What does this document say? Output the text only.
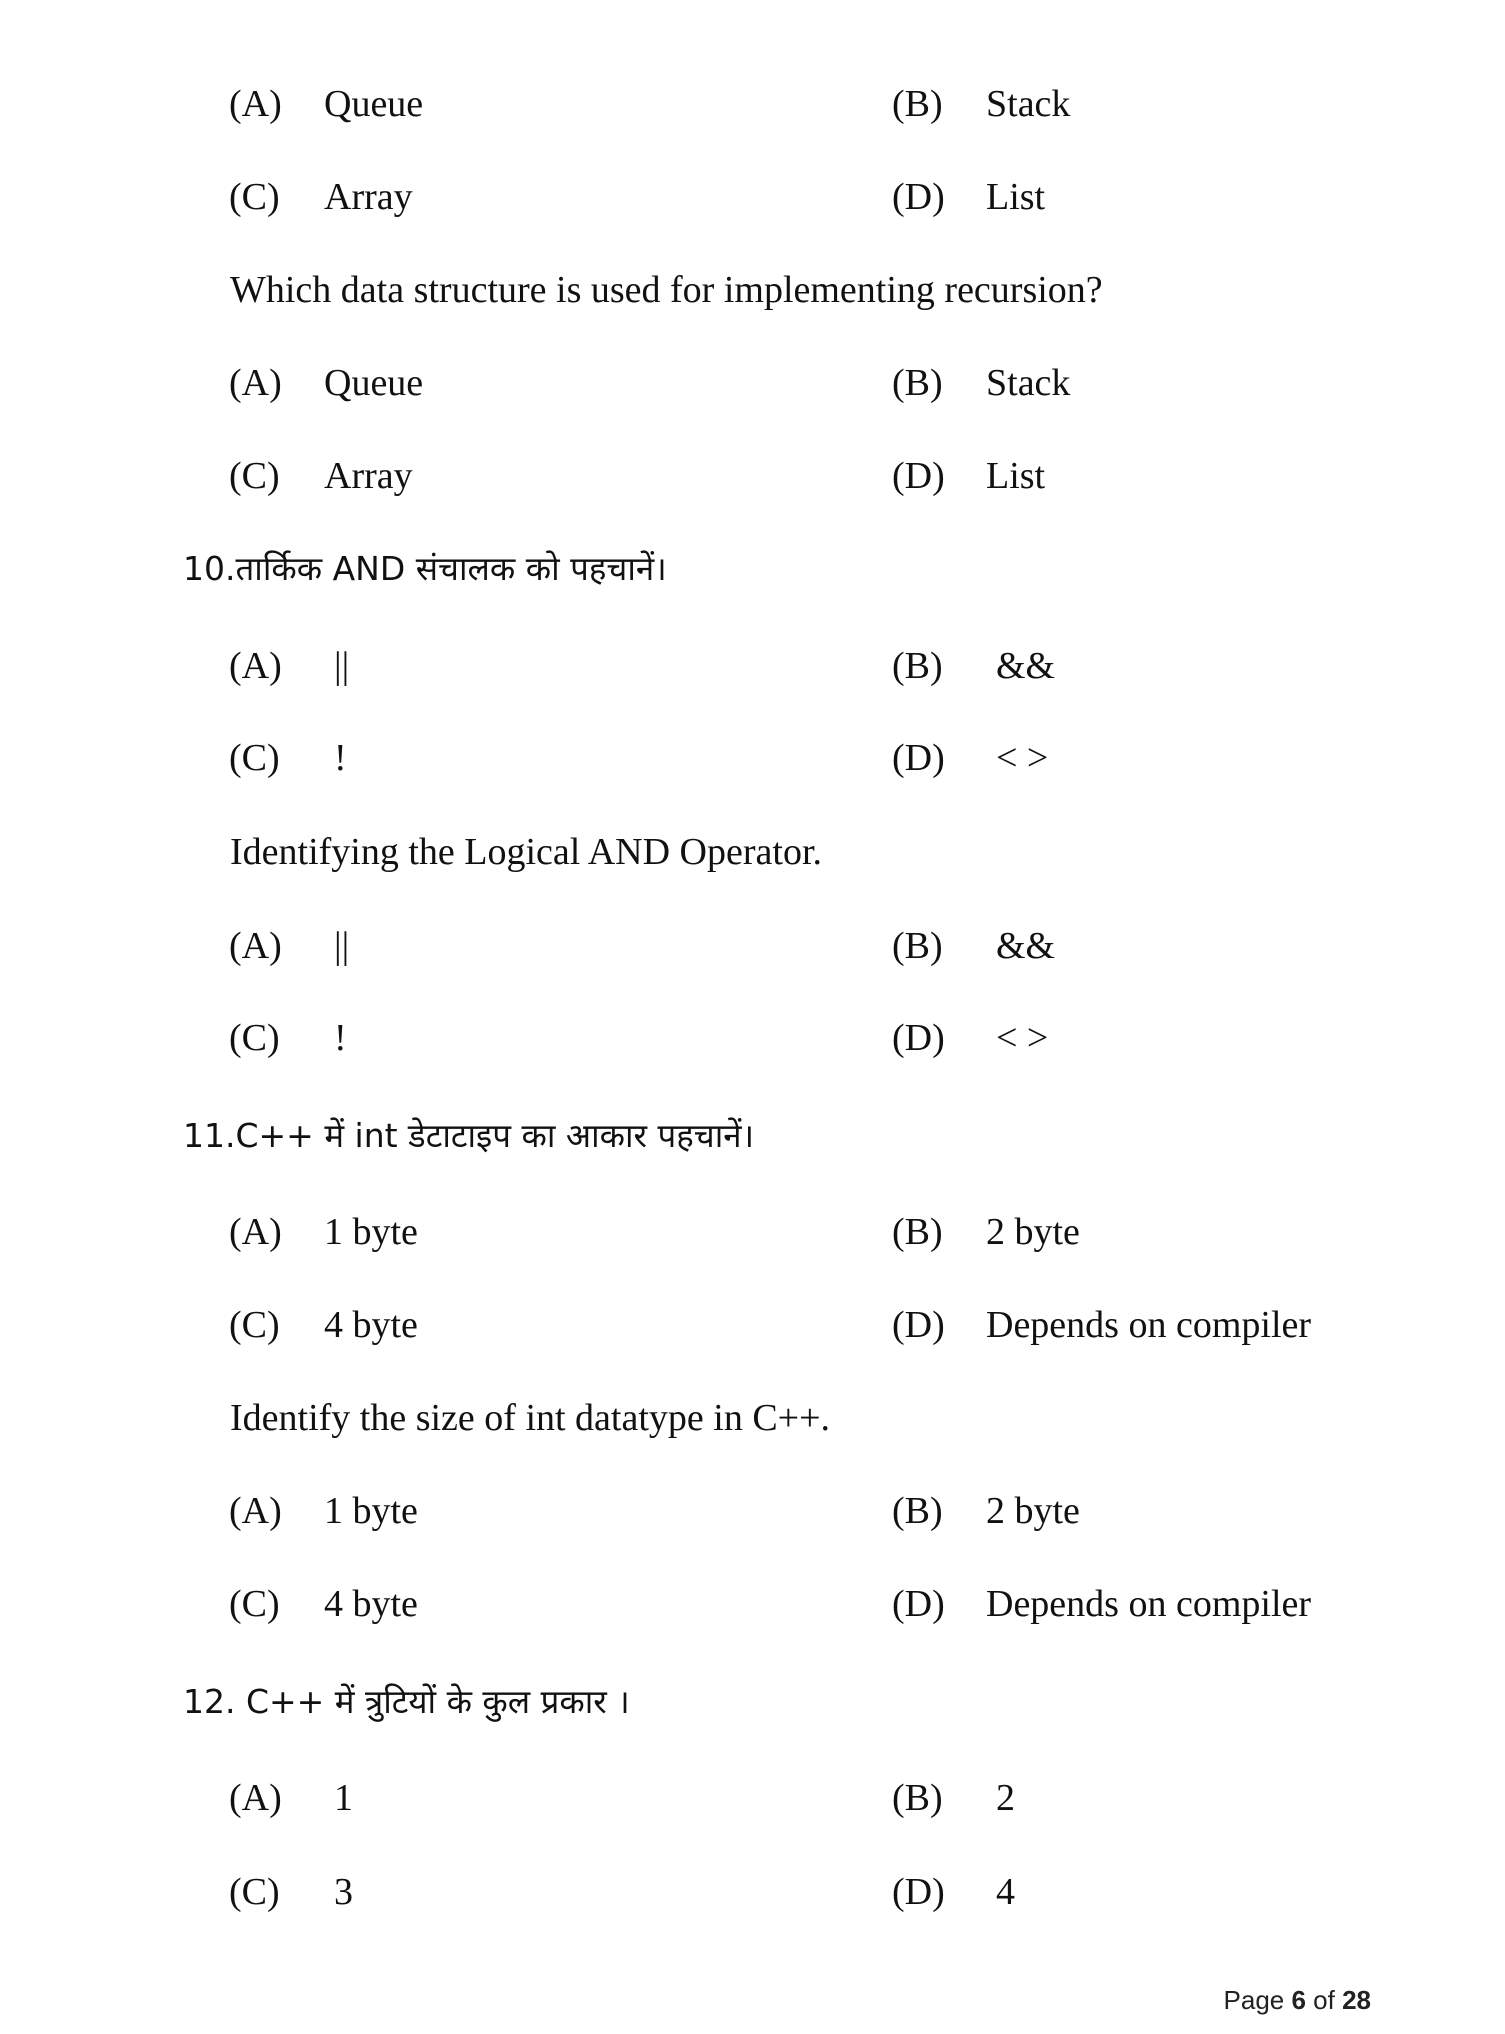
(A) Queue	(B) Stack
(C) Array	(D) List
Which data structure is used for implementing recursion?
(A) Queue	(B) Stack
(C) Array	(D) List
10.तार्किक AND संचालक को पहचानें।
(A) ||	(B) &&
(C) !	(D) < >
Identifying the Logical AND Operator.
(A) ||	(B) &&
(C) !	(D) < >
11.C++ में int डेटाटाइप का आकार पहचानें।
(A) 1 byte	(B) 2 byte
(C) 4 byte	(D) Depends on compiler
Identify the size of int datatype in C++.
(A) 1 byte	(B) 2 byte
(C) 4 byte	(D) Depends on compiler
12. C++ में त्रुटियों के कुल प्रकार ।
(A) 1	(B) 2
(C) 3	(D) 4
Page 6 of 28
